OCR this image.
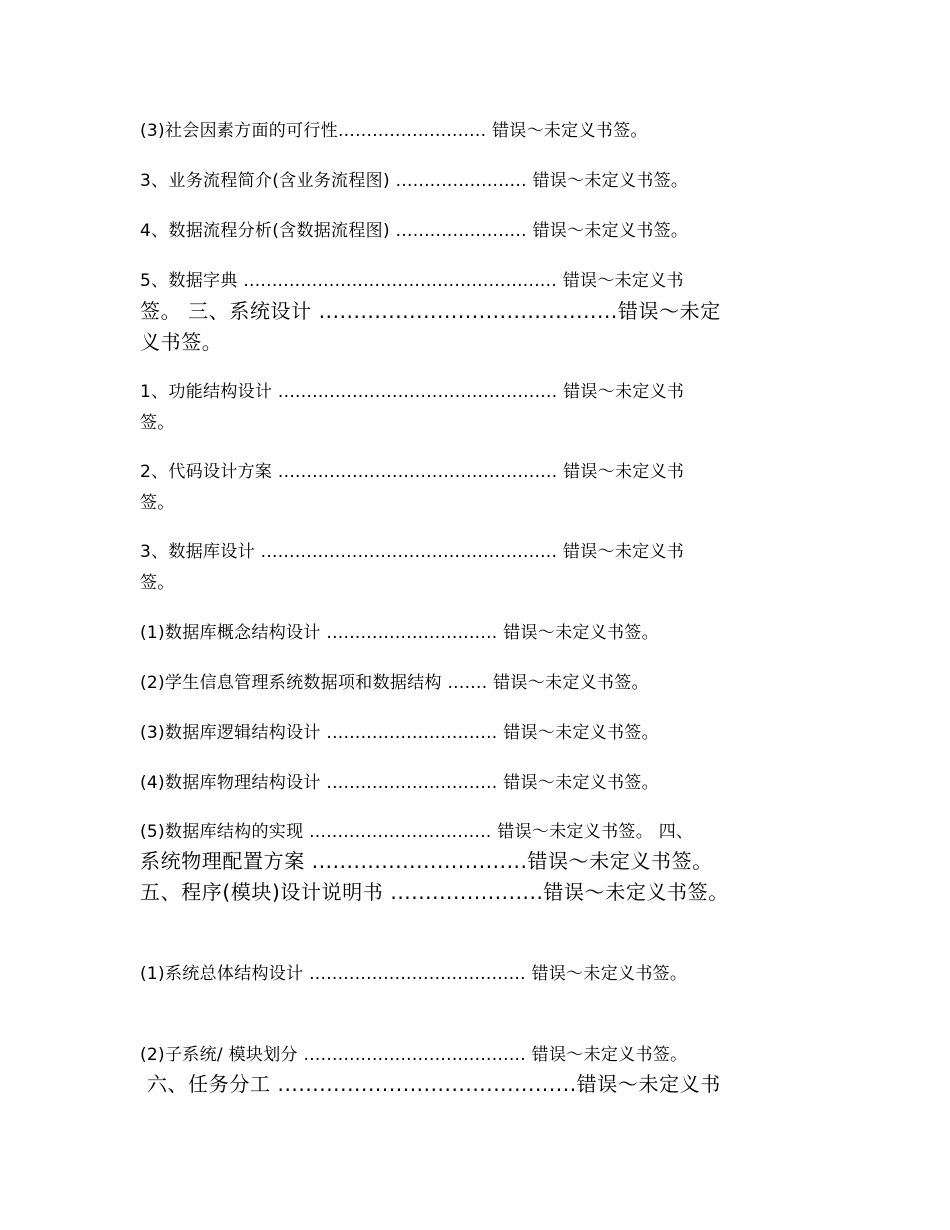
(3)社会因素方面的可行性.......................... 错误～未定义书签。
3、业务流程简介(含业务流程图) ....................... 错误～未定义书签。
4、数据流程分析(含数据流程图) ....................... 错误～未定义书签。
5、数据字典 ....................................................... 错误～未定义书
签。 三、系统设计 ...........................................错误～未定
义书签。
1、功能结构设计 ................................................. 错误～未定义书
签。
2、代码设计方案 ................................................. 错误～未定义书
签。
3、数据库设计 .................................................... 错误～未定义书
签。
(1)数据库概念结构设计 .............................. 错误～未定义书签。
(2)学生信息管理系统数据项和数据结构 ....... 错误～未定义书签。
(3)数据库逻辑结构设计 .............................. 错误～未定义书签。
(4)数据库物理结构设计 .............................. 错误～未定义书签。
(5)数据库结构的实现 ................................ 错误～未定义书签。 四、
系统物理配置方案 ...............................错误～未定义书签。
五、程序(模块)设计说明书 ......................错误～未定义书签。
(1)系统总体结构设计 ...................................... 错误～未定义书签。
(2)子系统/ 模块划分 ....................................... 错误～未定义书签。
六、任务分工 ...........................................错误～未定义书
